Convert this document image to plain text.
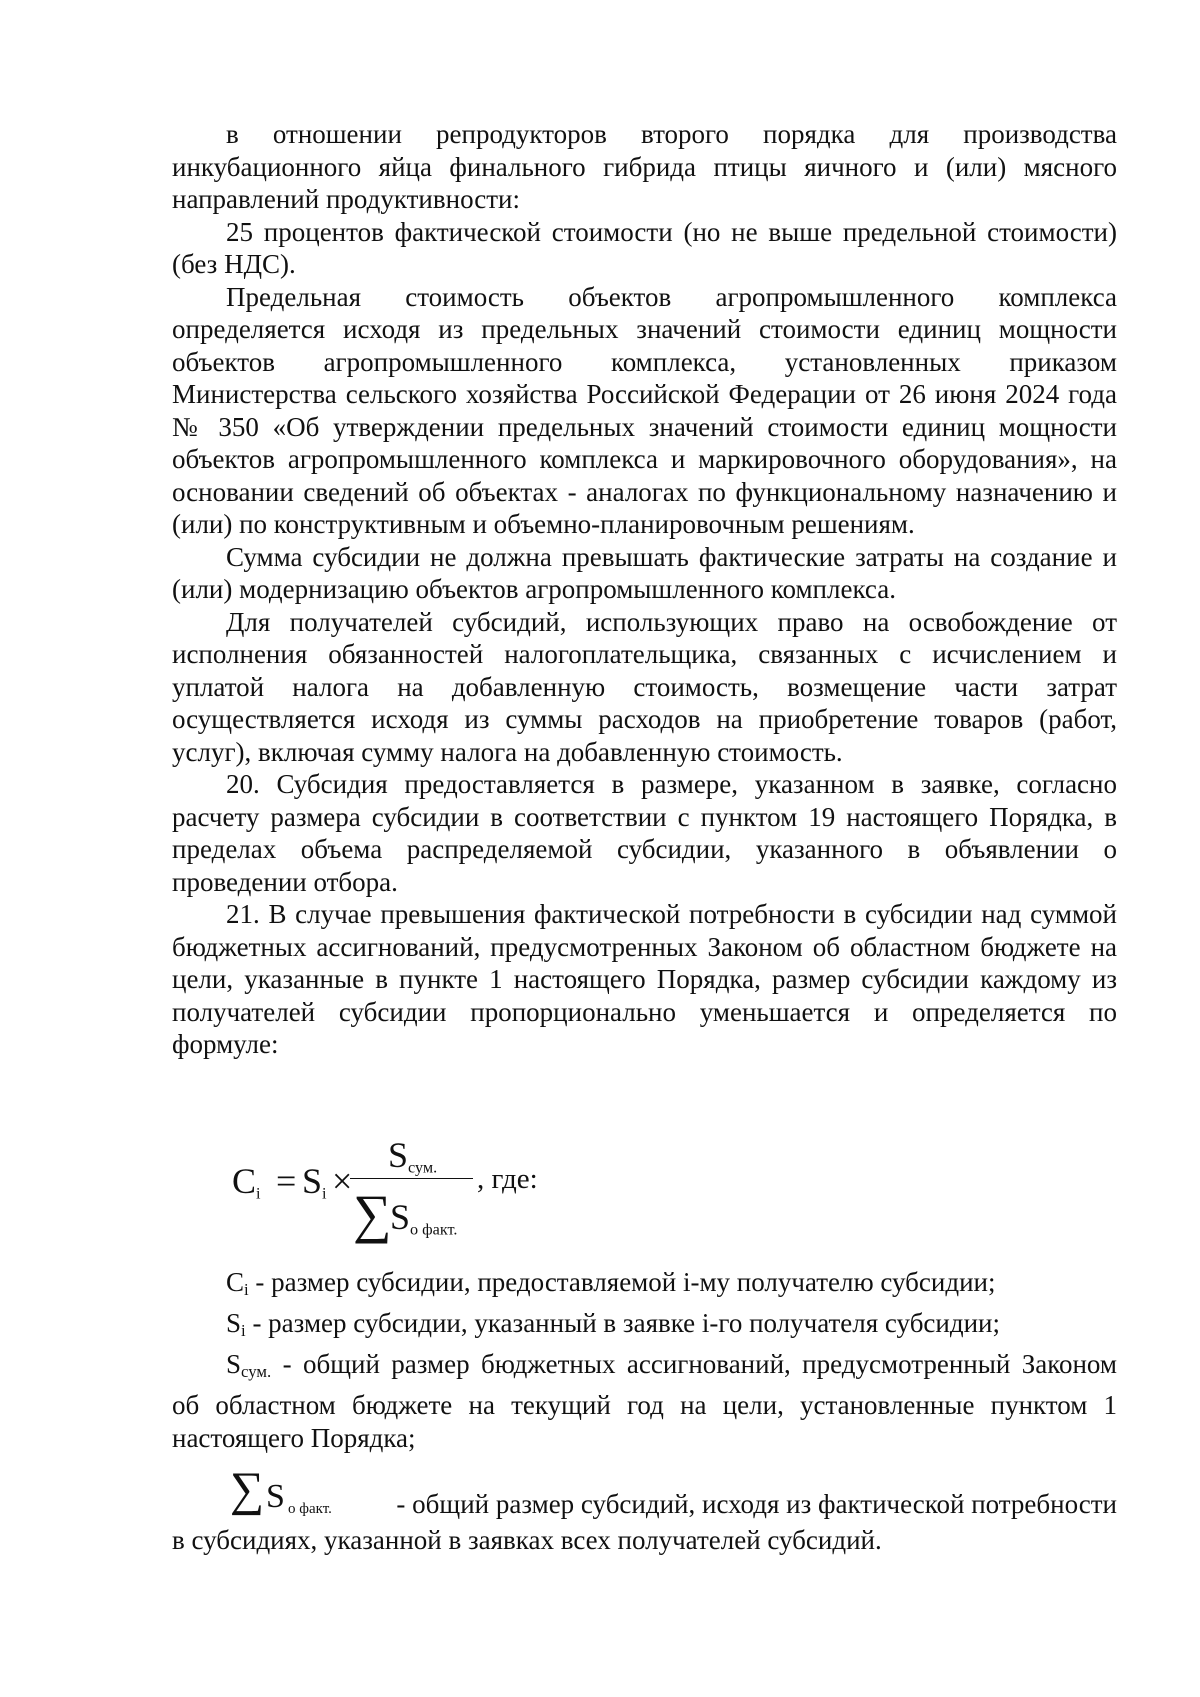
в отношении репродукторов второго порядка для производства инкубационного яйца финального гибрида птицы яичного и (или) мясного направлений продуктивности:

25 процентов фактической стоимости (но не выше предельной стоимости) (без НДС).

Предельная стоимость объектов агропромышленного комплекса определяется исходя из предельных значений стоимости единиц мощности объектов агропромышленного комплекса, установленных приказом Министерства сельского хозяйства Российской Федерации от 26 июня 2024 года № 350 «Об утверждении предельных значений стоимости единиц мощности объектов агропромышленного комплекса и маркировочного оборудования», на основании сведений об объектах - аналогах по функциональному назначению и (или) по конструктивным и объемно-планировочным решениям.

Сумма субсидии не должна превышать фактические затраты на создание и (или) модернизацию объектов агропромышленного комплекса.

Для получателей субсидий, использующих право на освобождение от исполнения обязанностей налогоплательщика, связанных с исчислением и уплатой налога на добавленную стоимость, возмещение части затрат осуществляется исходя из суммы расходов на приобретение товаров (работ, услуг), включая сумму налога на добавленную стоимость.

20. Субсидия предоставляется в размере, указанном в заявке, согласно расчету размера субсидии в соответствии с пунктом 19 настоящего Порядка, в пределах объема распределяемой субсидии, указанного в объявлении о проведении отбора.

21. В случае превышения фактической потребности в субсидии над суммой бюджетных ассигнований, предусмотренных Законом об областном бюджете на цели, указанные в пункте 1 настоящего Порядка, размер субсидии каждому из получателей субсидии пропорционально уменьшается и определяется по формуле:

$C_i = S_i$ ×
$S_{сум.}$
∑
$S_{о факт.}$
, где:

$C_i$ - размер субсидии, предоставляемой i-му получателю субсидии;

$S_i$ - размер субсидии, указанный в заявке i-го получателя субсидии;

$S_{сум.}$ - общий размер бюджетных ассигнований, предусмотренный Законом об областном бюджете на текущий год на цели, установленные пунктом 1 настоящего Порядка;

∑ S о факт.	- общий размер субсидий, исходя из фактической потребности

в субсидиях, указанной в заявках всех получателей субсидий.
